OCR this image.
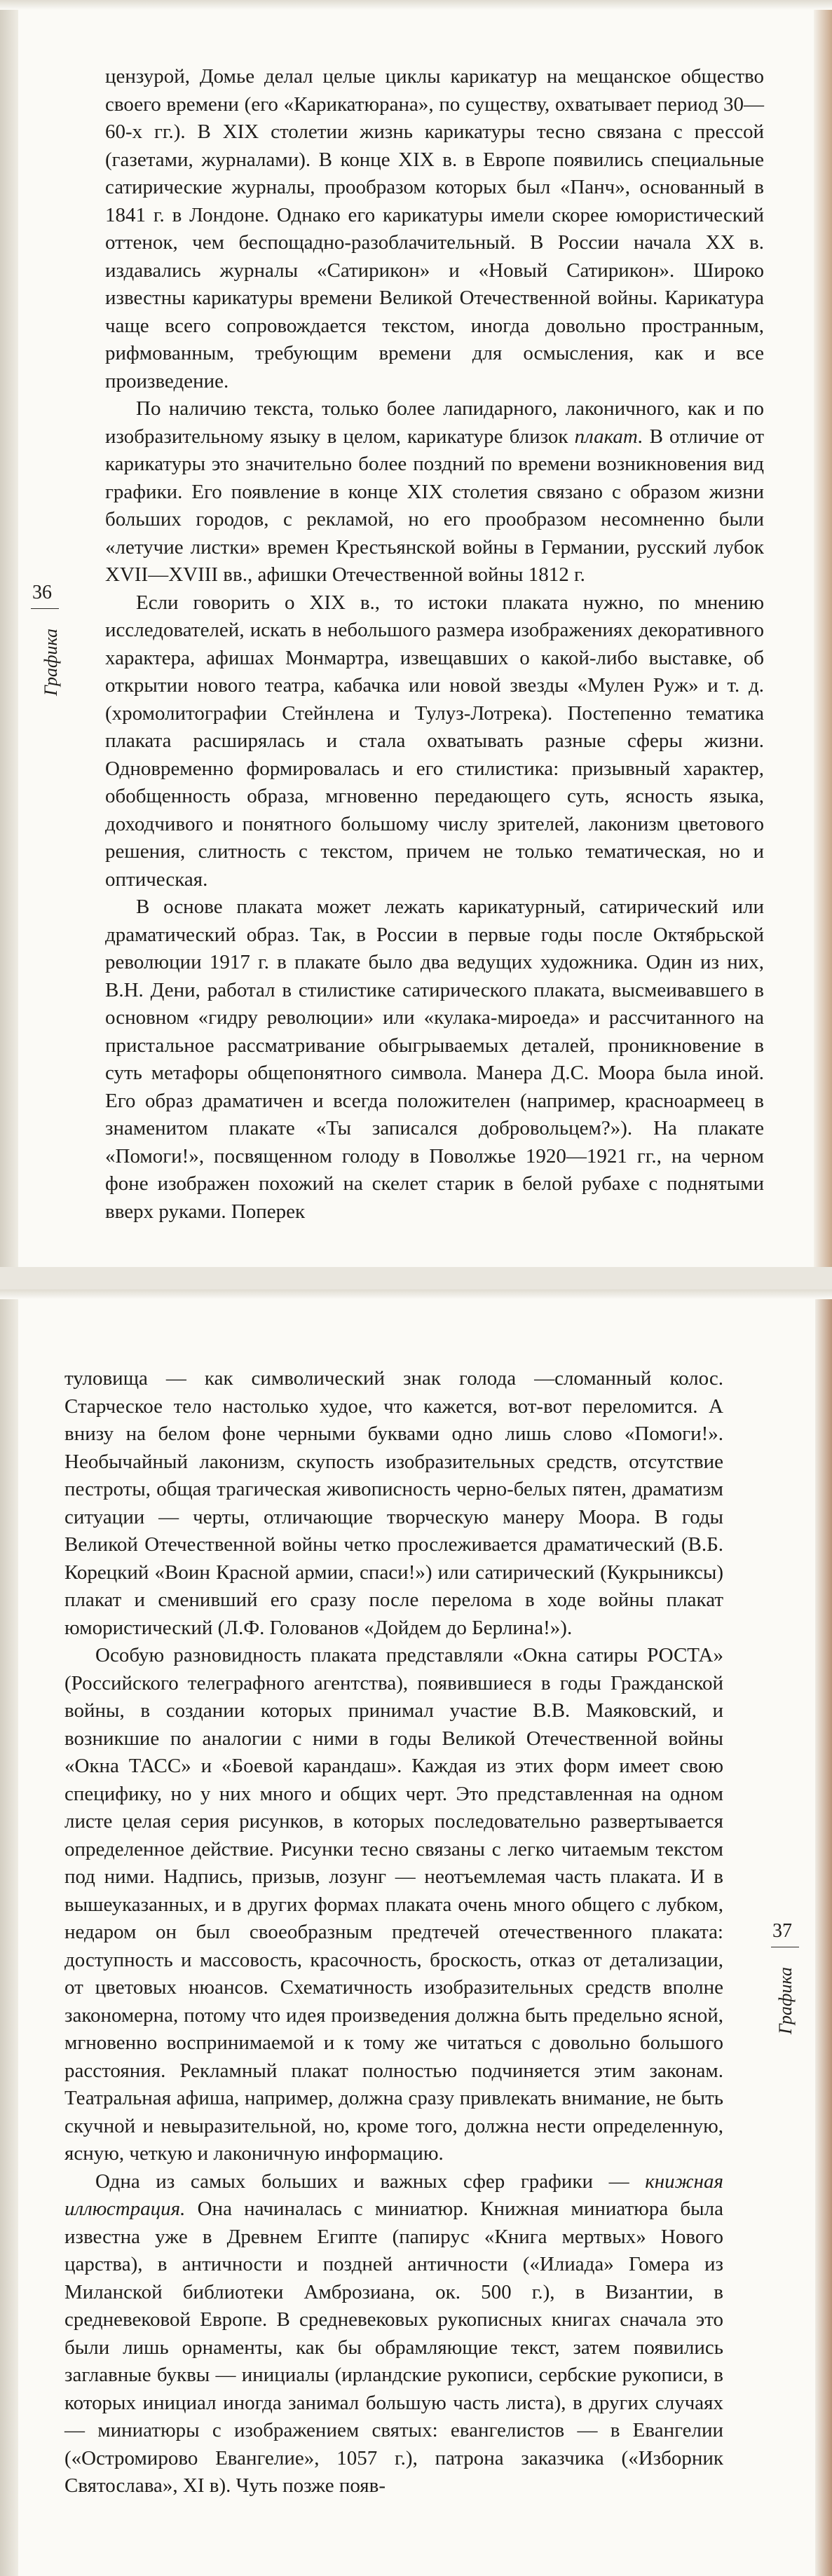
36
Графика

цензурой, Домье делал целые циклы карикатур на мещанское общество своего времени (его «Карикатюрана», по существу, охватывает период 30—60-х гг.). В XIX столетии жизнь карикатуры тесно связана с прессой (газетами, журналами). В конце XIX в. в Европе появились специальные сатирические журналы, прообразом которых был «Панч», основанный в 1841 г. в Лондоне. Однако его карикатуры имели скорее юмористический оттенок, чем беспощадно-разоблачительный. В России начала XX в. издавались журналы «Сатирикон» и «Новый Сатирикон». Широко известны карикатуры времени Великой Отечественной войны. Карикатура чаще всего сопровождается текстом, иногда довольно пространным, рифмованным, требующим времени для осмысления, как и все произведение.

По наличию текста, только более лапидарного, лаконичного, как и по изобразительному языку в целом, карикатуре близок плакат. В отличие от карикатуры это значительно более поздний по времени возникновения вид графики. Его появление в конце XIX столетия связано с образом жизни больших городов, с рекламой, но его прообразом несомненно были «летучие листки» времен Крестьянской войны в Германии, русский лубок XVII—XVIII вв., афишки Отечественной войны 1812 г.

Если говорить о XIX в., то истоки плаката нужно, по мнению исследователей, искать в небольшого размера изображениях декоративного характера, афишах Монмартра, извещавших о какой-либо выставке, об открытии нового театра, кабачка или новой звезды «Мулен Руж» и т. д. (хромолитографии Стейнлена и Тулуз-Лотрека). Постепенно тематика плаката расширялась и стала охватывать разные сферы жизни. Одновременно формировалась и его стилистика: призывный характер, обобщенность образа, мгновенно передающего суть, ясность языка, доходчивого и понятного большому числу зрителей, лаконизм цветового решения, слитность с текстом, причем не только тематическая, но и оптическая.

В основе плаката может лежать карикатурный, сатирический или драматический образ. Так, в России в первые годы после Октябрьской революции 1917 г. в плакате было два ведущих художника. Один из них, В.Н. Дени, работал в стилистике сатирического плаката, высмеивавшего в основном «гидру революции» или «кулака-мироеда» и рассчитанного на пристальное рассматривание обыгрываемых деталей, проникновение в суть метафоры общепонятного символа. Манера Д.С. Моора была иной. Его образ драматичен и всегда положителен (например, красноармеец в знаменитом плакате «Ты записался добровольцем?»). На плакате «Помоги!», посвященном голоду в Поволжье 1920—1921 гг., на черном фоне изображен похожий на скелет старик в белой рубахе с поднятыми вверх руками. Поперек

37
Графика

туловища — как символический знак голода —сломанный колос. Старческое тело настолько худое, что кажется, вот-вот переломится. А внизу на белом фоне черными буквами одно лишь слово «Помоги!». Необычайный лаконизм, скупость изобразительных средств, отсутствие пестроты, общая трагическая живописность черно-белых пятен, драматизм ситуации — черты, отличающие творческую манеру Моора. В годы Великой Отечественной войны четко прослеживается драматический (В.Б. Корецкий «Воин Красной армии, спаси!») или сатирический (Кукрыниксы) плакат и сменивший его сразу после перелома в ходе войны плакат юмористический (Л.Ф. Голованов «Дойдем до Берлина!»).

Особую разновидность плаката представляли «Окна сатиры РОСТА» (Российского телеграфного агентства), появившиеся в годы Гражданской войны, в создании которых принимал участие В.В. Маяковский, и возникшие по аналогии с ними в годы Великой Отечественной войны «Окна ТАСС» и «Боевой карандаш». Каждая из этих форм имеет свою специфику, но у них много и общих черт. Это представленная на одном листе целая серия рисунков, в которых последовательно развертывается определенное действие. Рисунки тесно связаны с легко читаемым текстом под ними. Надпись, призыв, лозунг — неотъемлемая часть плаката. И в вышеуказанных, и в других формах плаката очень много общего с лубком, недаром он был своеобразным предтечей отечественного плаката: доступность и массовость, красочность, броскость, отказ от детализации, от цветовых нюансов. Схематичность изобразительных средств вполне закономерна, потому что идея произведения должна быть предельно ясной, мгновенно воспринимаемой и к тому же читаться с довольно большого расстояния. Рекламный плакат полностью подчиняется этим законам. Театральная афиша, например, должна сразу привлекать внимание, не быть скучной и невыразительной, но, кроме того, должна нести определенную, ясную, четкую и лаконичную информацию.

Одна из самых больших и важных сфер графики — книжная иллюстрация. Она начиналась с миниатюр. Книжная миниатюра была известна уже в Древнем Египте (папирус «Книга мертвых» Нового царства), в античности и поздней античности («Илиада» Гомера из Миланской библиотеки Амброзиана, ок. 500 г.), в Византии, в средневековой Европе. В средневековых рукописных книгах сначала это были лишь орнаменты, как бы обрамляющие текст, затем появились заглавные буквы — инициалы (ирландские рукописи, сербские рукописи, в которых инициал иногда занимал большую часть листа), в других случаях — миниатюры с изображением святых: евангелистов — в Евангелии («Остромирово Евангелие», 1057 г.), патрона заказчика («Изборник Святослава», XI в). Чуть позже появ-
